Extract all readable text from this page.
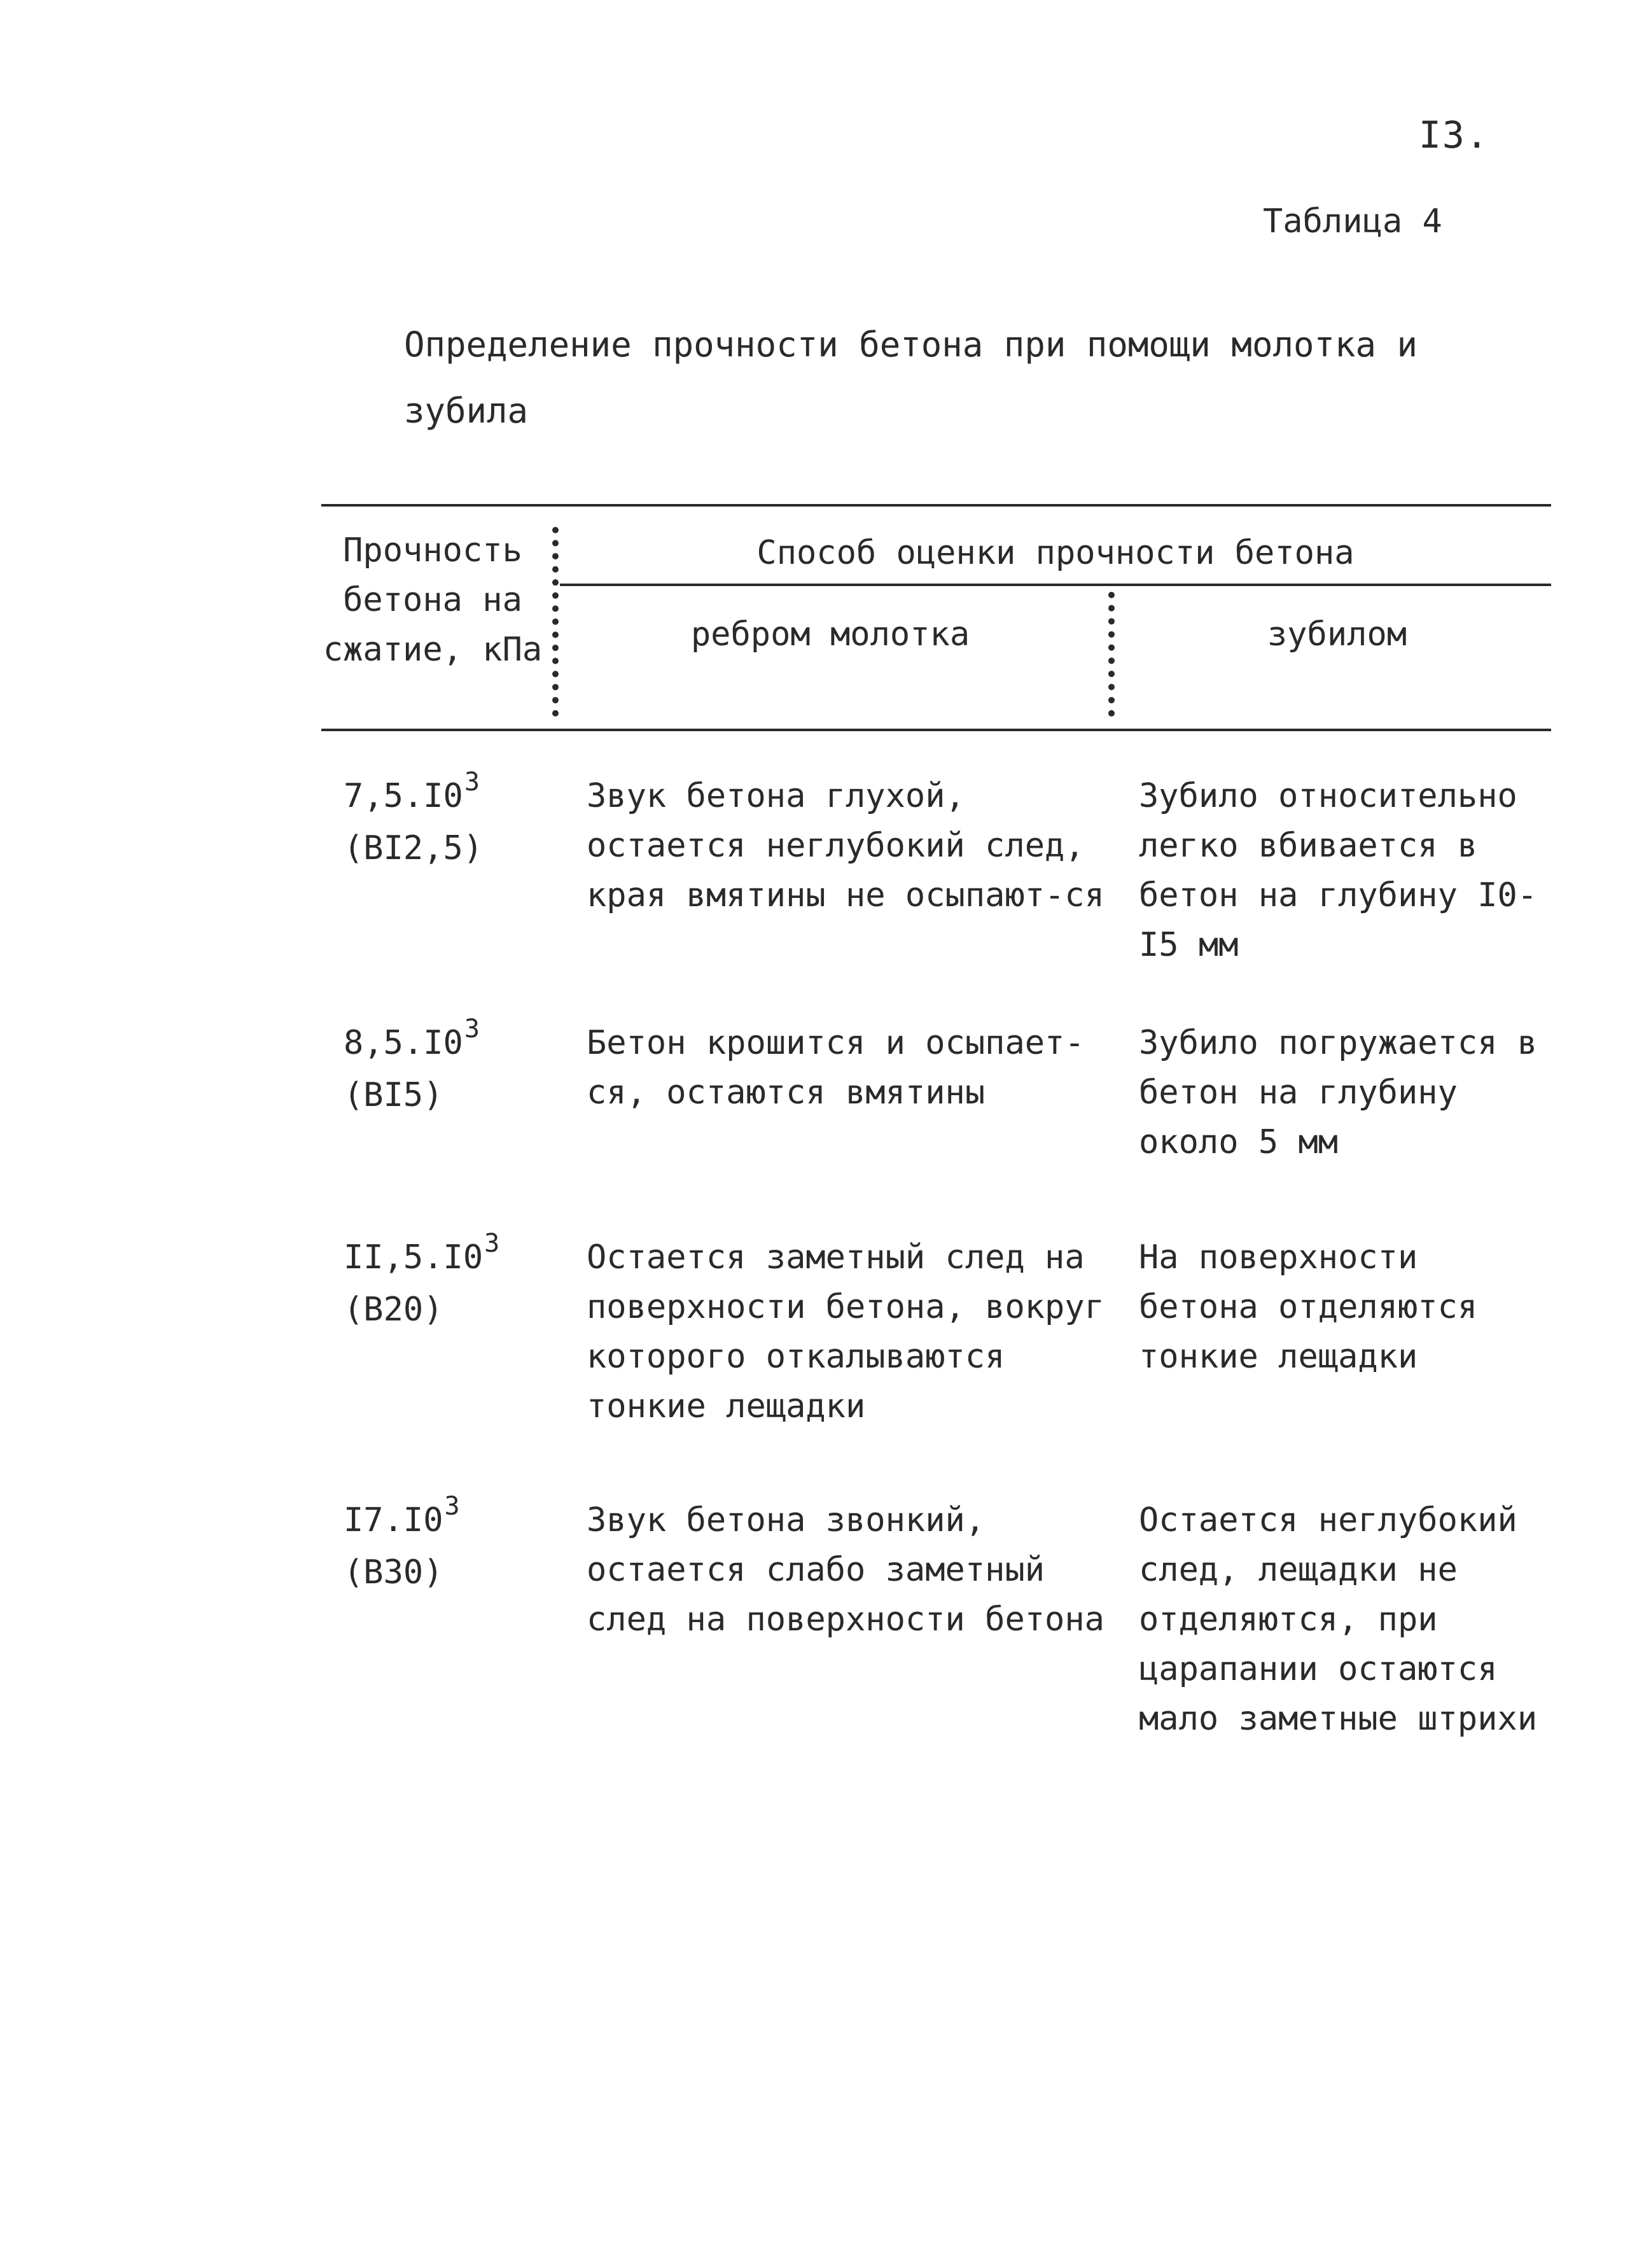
I3.
Таблица 4
Определение прочности бетона при помощи молотка и зубила
Прочность бетона на сжатие, кПа
Способ оценки прочности бетона
ребром молотка	зубилом
$7,5.I0^3$
(BI2,5)
Звук бетона глухой, остается неглубокий след, края вмятины не осыпают-ся
Зубило относительно легко вбивается в бетон на глубину I0-I5 мм
$8,5.I0^3$
(BI5)
Бетон крошится и осыпает-ся, остаются вмятины
Зубило погружается в бетон на глубину около 5 мм
$II,5.I0^3$
(B20)
Остается заметный след на поверхности бетона, вокруг которого откалываются тонкие лещадки
На поверхности бетона отделяются тонкие лещадки
$I7.I0^3$
(B30)
Звук бетона звонкий, остается слабо заметный след на поверхности бетона
Остается неглубокий след, лещадки не отделяются, при царапании остаются мало заметные штрихи
